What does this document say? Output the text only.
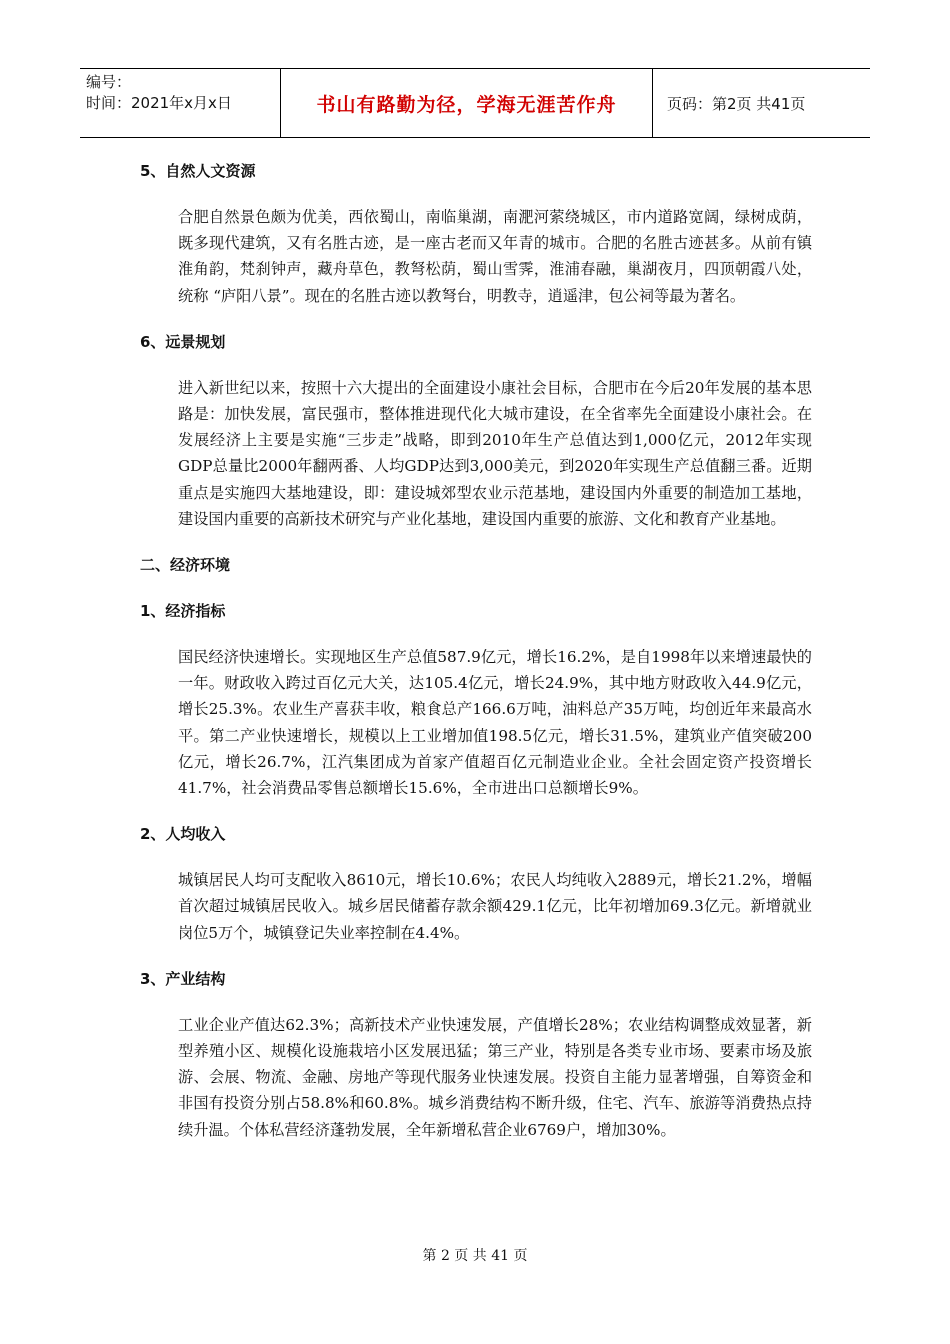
编号：
时间：2021年x月x日	书山有路勤为径，学海无涯苦作舟	页码：第2页 共41页
5、自然人文资源

合肥自然景色颇为优美，西依蜀山，南临巢湖，南淝河萦绕城区，市内道路宽阔，绿树成荫，既多现代建筑，又有名胜古迹，是一座古老而又年青的城市。合肥的名胜古迹甚多。从前有镇淮角韵，梵刹钟声，藏舟草色，教弩松荫，蜀山雪霁，淮浦春融，巢湖夜月，四顶朝霞八处，统称 “庐阳八景”。现在的名胜古迹以教弩台，明教寺，逍遥津，包公祠等最为著名。

6、远景规划

进入新世纪以来，按照十六大提出的全面建设小康社会目标，合肥市在今后20年发展的基本思路是：加快发展，富民强市，整体推进现代化大城市建设，在全省率先全面建设小康社会。在发展经济上主要是实施“三步走”战略，即到2010年生产总值达到1,000亿元，2012年实现GDP总量比2000年翻两番、人均GDP达到3,000美元，到2020年实现生产总值翻三番。近期重点是实施四大基地建设，即：建设城郊型农业示范基地，建设国内外重要的制造加工基地，建设国内重要的高新技术研究与产业化基地，建设国内重要的旅游、文化和教育产业基地。

二、经济环境
1、经济指标

国民经济快速增长。实现地区生产总值587.9亿元，增长16.2%，是自1998年以来增速最快的一年。财政收入跨过百亿元大关，达105.4亿元，增长24.9%，其中地方财政收入44.9亿元，增长25.3%。农业生产喜获丰收，粮食总产166.6万吨，油料总产35万吨，均创近年来最高水平。第二产业快速增长，规模以上工业增加值198.5亿元，增长31.5%，建筑业产值突破200亿元，增长26.7%，江汽集团成为首家产值超百亿元制造业企业。全社会固定资产投资增长41.7%，社会消费品零售总额增长15.6%，全市进出口总额增长9%。

2、人均收入

城镇居民人均可支配收入8610元，增长10.6%；农民人均纯收入2889元，增长21.2%，增幅首次超过城镇居民收入。城乡居民储蓄存款余额429.1亿元，比年初增加69.3亿元。新增就业岗位5万个，城镇登记失业率控制在4.4%。

3、产业结构

工业企业产值达62.3%；高新技术产业快速发展，产值增长28%；农业结构调整成效显著，新型养殖小区、规模化设施栽培小区发展迅猛；第三产业，特别是各类专业市场、要素市场及旅游、会展、物流、金融、房地产等现代服务业快速发展。投资自主能力显著增强，自筹资金和非国有投资分别占58.8%和60.8%。城乡消费结构不断升级，住宅、汽车、旅游等消费热点持续升温。个体私营经济蓬勃发展，全年新增私营企业6769户，增加30%。

第 2 页 共 41 页
